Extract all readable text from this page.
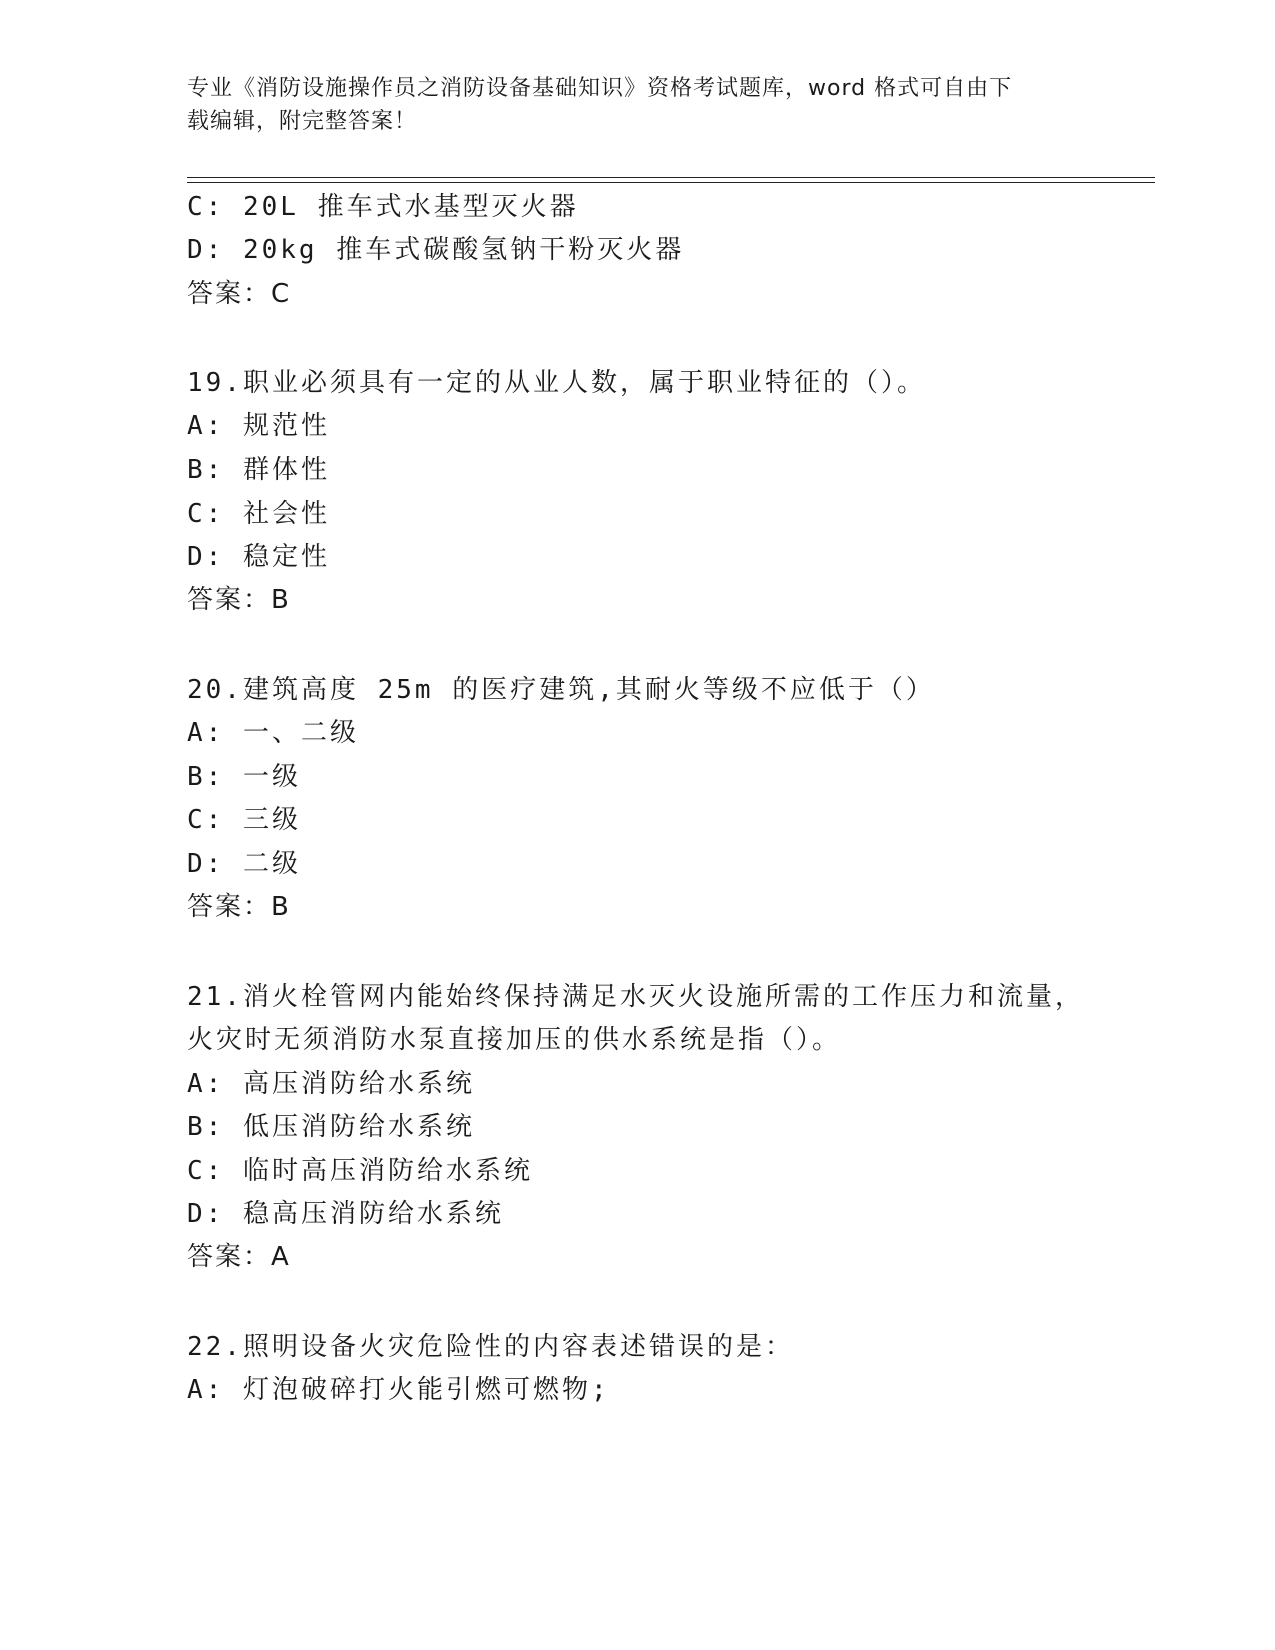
专业《消防设施操作员之消防设备基础知识》资格考试题库，word 格式可自由下
载编辑，附完整答案！
C: 20L 推车式水基型灭火器
D: 20kg 推车式碳酸氢钠干粉灭火器
答案：C
19.职业必须具有一定的从业人数，属于职业特征的（）。
A: 规范性
B: 群体性
C: 社会性
D: 稳定性
答案：B
20.建筑高度 25m 的医疗建筑,其耐火等级不应低于（）
A: 一、二级
B: 一级
C: 三级
D: 二级
答案：B
21.消火栓管网内能始终保持满足水灭火设施所需的工作压力和流量，
火灾时无须消防水泵直接加压的供水系统是指（）。
A: 高压消防给水系统
B: 低压消防给水系统
C: 临时高压消防给水系统
D: 稳高压消防给水系统
答案：A
22.照明设备火灾危险性的内容表述错误的是：
A: 灯泡破碎打火能引燃可燃物;
